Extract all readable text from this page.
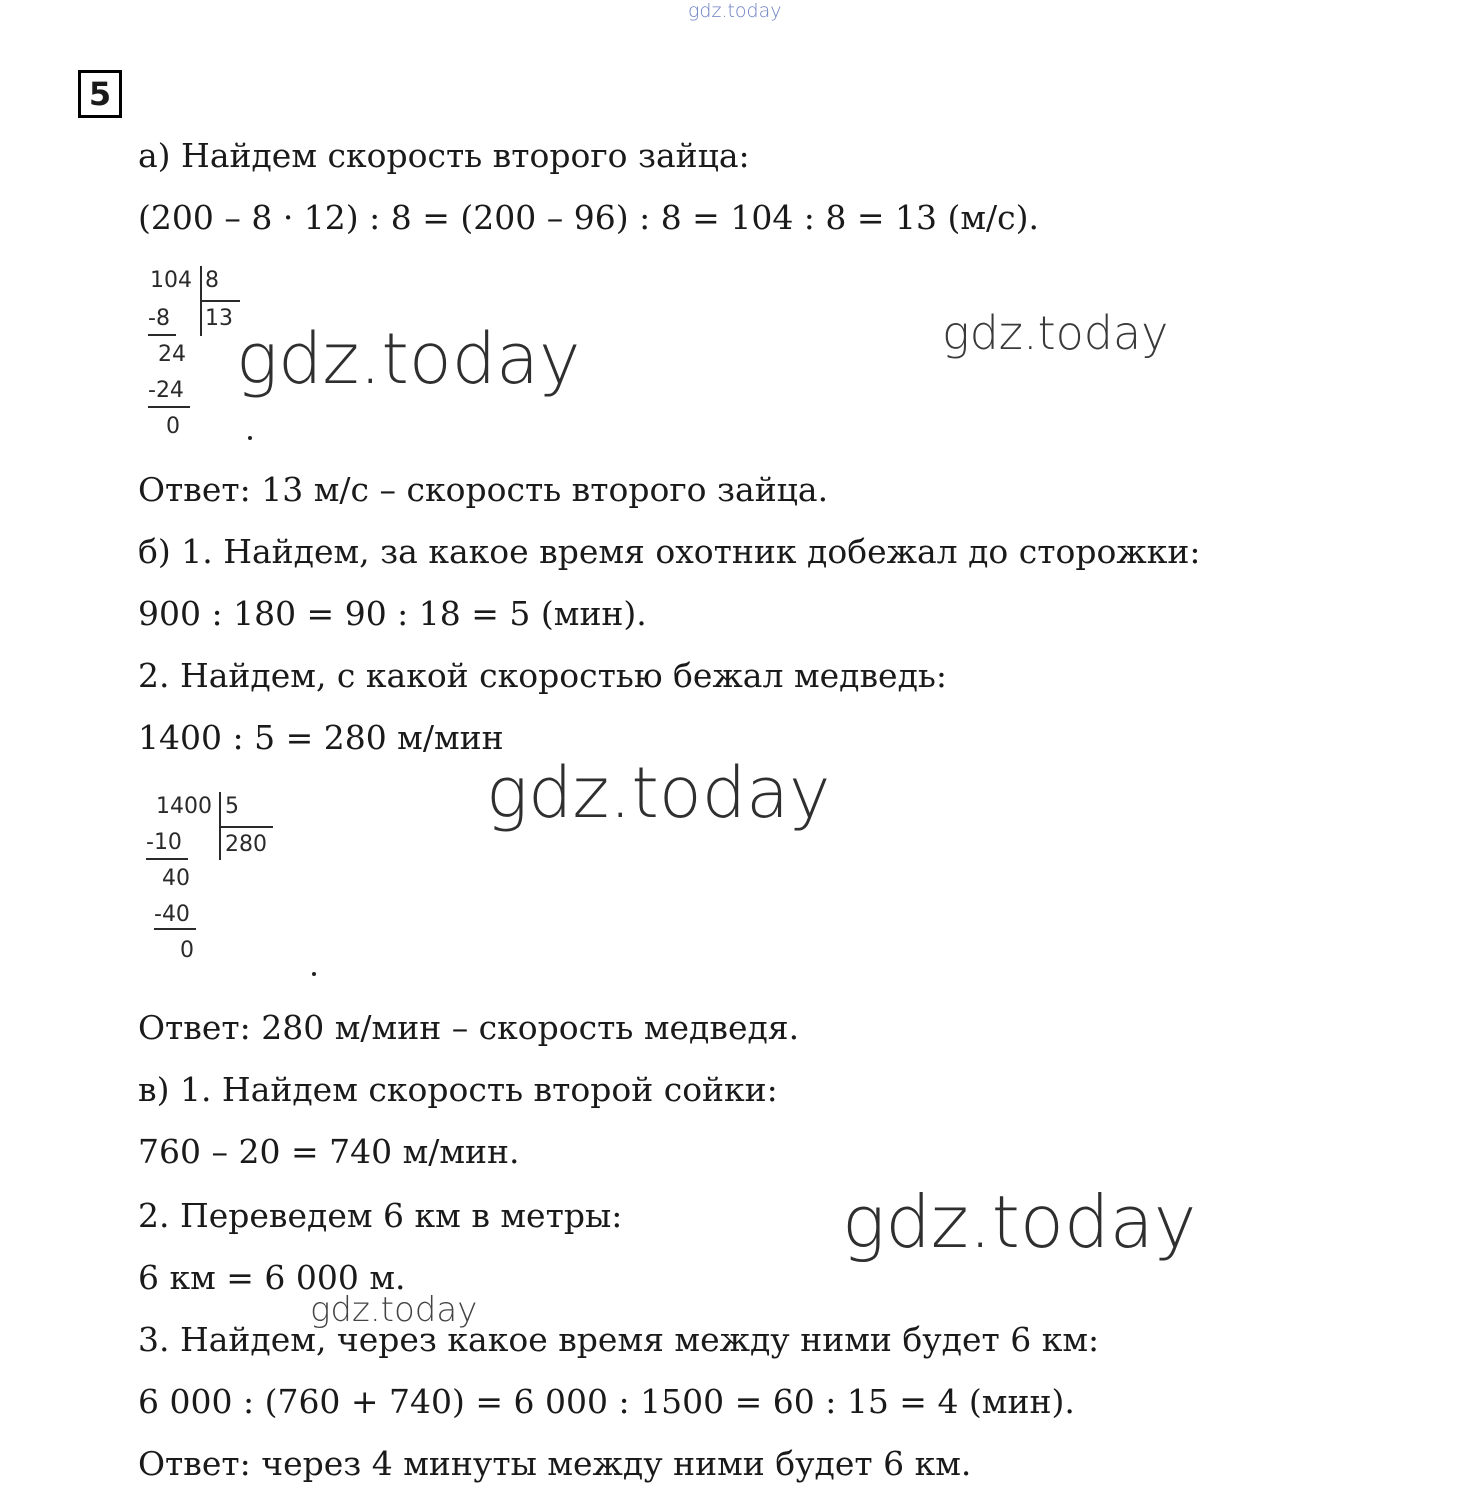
gdz.today
gdz.today
gdz.today
gdz.today
gdz.today
gdz.today
5
а) Найдем скорость второго зайца:
(200 – 8 · 12) : 8 = (200 – 96) : 8 = 104 : 8 = 13 (м/с).
104 8
13
-8
24
-24
0
Ответ: 13 м/с – скорость второго зайца.
б) 1. Найдем, за какое время охотник добежал до сторожки:
900 : 180 = 90 : 18 = 5 (мин).
2. Найдем, с какой скоростью бежал медведь:
1400 : 5 = 280 м/мин
1400 5
280
-10
40
-40
0
Ответ: 280 м/мин – скорость медведя.
в) 1. Найдем скорость второй сойки:
760 – 20 = 740 м/мин.
2. Переведем 6 км в метры:
6 км = 6 000 м.
3. Найдем, через какое время между ними будет 6 км:
6 000 : (760 + 740) = 6 000 : 1500 = 60 : 15 = 4 (мин).
Ответ: через 4 минуты между ними будет 6 км.
